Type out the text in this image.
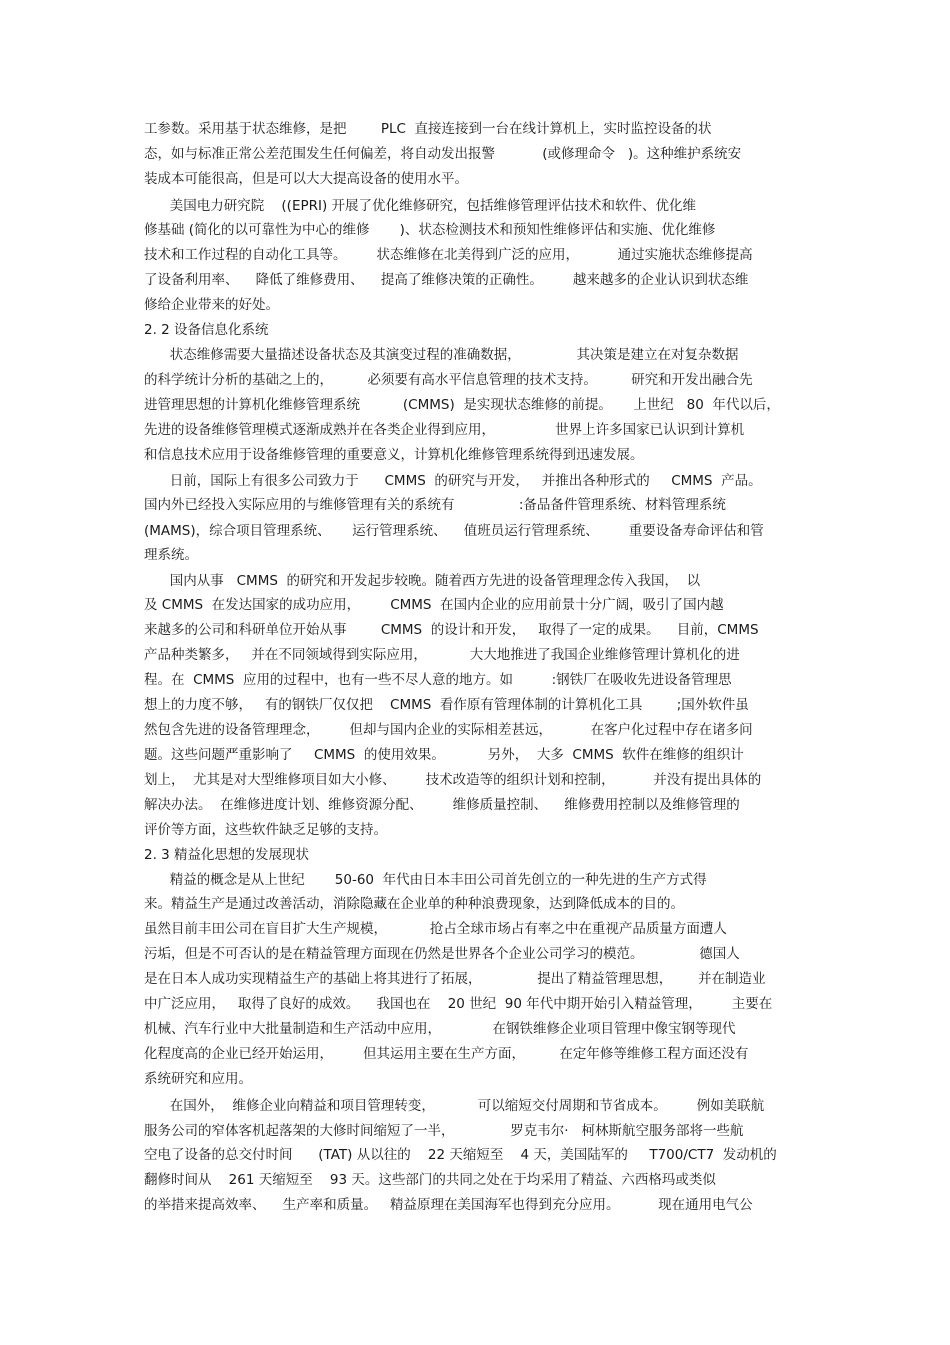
工参数。采用基于状态维修，是把        PLC  直接连接到一台在线计算机上，实时监控设备的状
态，如与标准正常公差范围发生任何偏差，将自动发出报警           (或修理命令   )。这种维护系统安
装成本可能很高，但是可以大大提高设备的使用水平。
美国电力研究院    ((EPRI) 开展了优化维修研究，包括维修管理评估技术和软件、优化维
修基础 (简化的以可靠性为中心的维修       )、状态检测技术和预知性维修评估和实施、优化维修
技术和工作过程的自动化工具等。       状态维修在北美得到广泛的应用，         通过实施状态维修提高
了设备利用率、    降低了维修费用、    提高了维修决策的正确性。       越来越多的企业认识到状态维
修给企业带来的好处。
2. 2 设备信息化系统
状态维修需要大量描述设备状态及其演变过程的准确数据，             其决策是建立在对复杂数据
的科学统计分析的基础之上的，        必须要有高水平信息管理的技术支持。        研究和开发出融合先
进管理思想的计算机化维修管理系统          (CMMS)  是实现状态维修的前提。     上世纪   80  年代以后，
先进的设备维修管理模式逐渐成熟并在各类企业得到应用，              世界上许多国家已认识到计算机
和信息技术应用于设备维修管理的重要意义，计算机化维修管理系统得到迅速发展。
日前，国际上有很多公司致力于      CMMS  的研究与开发，   并推出各种形式的     CMMS  产品。
国内外已经投入实际应用的与维修管理有关的系统有               :备品备件管理系统、材料管理系统
(MAMS)，综合项目管理系统、     运行管理系统、    值班员运行管理系统、       重要设备寿命评估和管
理系统。
国内从事   CMMS  的研究和开发起步较晚。随着西方先进的设备管理理念传入我国，  以
及 CMMS  在发达国家的成功应用，       CMMS  在国内企业的应用前景十分广阔，吸引了国内越
来越多的公司和科研单位开始从事        CMMS  的设计和开发，   取得了一定的成果。    目前，CMMS
产品种类繁多，   并在不同领域得到实际应用，          大大地推进了我国企业维修管理计算机化的进
程。在  CMMS  应用的过程中，也有一些不尽人意的地方。如         :钢铁厂在吸收先进设备管理思
想上的力度不够，   有的钢铁厂仅仅把    CMMS  看作原有管理体制的计算机化工具        ;国外软件虽
然包含先进的设备管理理念，       但却与国内企业的实际相差甚远，         在客户化过程中存在诸多问
题。这些问题严重影响了     CMMS  的使用效果。          另外，  大多  CMMS  软件在维修的组织计
划上，  尤其是对大型维修项目如大小修、       技术改造等的组织计划和控制，         并没有提出具体的
解决办法。  在维修进度计划、维修资源分配、       维修质量控制、    维修费用控制以及维修管理的
评价等方面，这些软件缺乏足够的支持。
2. 3 精益化思想的发展现状
精益的概念是从上世纪       50-60  年代由日本丰田公司首先创立的一种先进的生产方式得
来。精益生产是通过改善活动，消除隐藏在企业单的种种浪费现象，达到降低成本的目的。
虽然目前丰田公司在盲目扩大生产规模，          抢占全球市场占有率之中在重视产品质量方面遭人
污垢，但是不可否认的是在精益管理方面现在仍然是世界各个企业公司学习的模范。             德国人
是在日本人成功实现精益生产的基础上将其进行了拓展，             提出了精益管理思想，      并在制造业
中广泛应用，   取得了良好的成效。    我国也在    20 世纪  90 年代中期开始引入精益管理，       主要在
机械、汽车行业中大批量制造和生产活动中应用，            在钢铁维修企业项目管理中像宝钢等现代
化程度高的企业已经开始运用，       但其运用主要在生产方面，        在定年修等维修工程方面还没有
系统研究和应用。
在国外，  维修企业向精益和项目管理转变，          可以缩短交付周期和节省成本。       例如美联航
服务公司的窄体客机起落架的大修时间缩短了一半，             罗克韦尔·   柯林斯航空服务部将一些航
空电了设备的总交付时间      (TAT) 从以往的    22 天缩短至    4 天，美国陆军的     T700/CT7  发动机的
翻修时间从    261 天缩短至    93 天。这些部门的共同之处在于均采用了精益、六西格玛或类似
的举措来提高效率、    生产率和质量。   精益原理在美国海军也得到充分应用。         现在通用电气公
